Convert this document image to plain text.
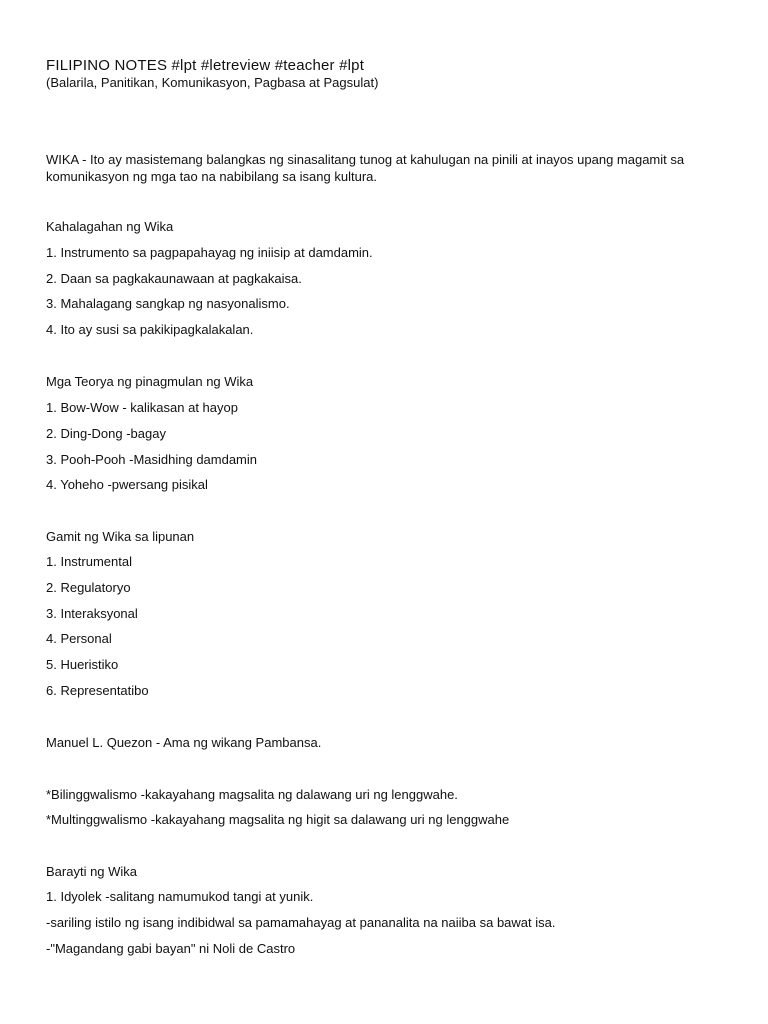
FILIPINO NOTES #lpt #letreview #teacher #lpt
(Balarila, Panitikan, Komunikasyon, Pagbasa at Pagsulat)
WIKA - Ito ay masistemang balangkas ng sinasalitang tunog at kahulugan na pinili at inayos upang magamit sa komunikasyon ng mga tao na nabibilang sa isang kultura.
Kahalagahan ng Wika
1. Instrumento sa pagpapahayag ng iniisip at damdamin.
2. Daan sa pagkakaunawaan at pagkakaisa.
3. Mahalagang sangkap ng nasyonalismo.
4. Ito ay susi sa pakikipagkalakalan.
Mga Teorya ng pinagmulan ng Wika
1. Bow-Wow - kalikasan at hayop
2. Ding-Dong -bagay
3. Pooh-Pooh -Masidhing damdamin
4. Yoheho -pwersang pisikal
Gamit ng Wika sa lipunan
1. Instrumental
2. Regulatoryo
3. Interaksyonal
4. Personal
5. Hueristiko
6. Representatibo
Manuel L. Quezon - Ama ng wikang Pambansa.
*Bilinggwalismo -kakayahang magsalita ng dalawang uri ng lenggwahe.
*Multinggwalismo -kakayahang magsalita ng higit sa dalawang uri ng lenggwahe
Barayti ng Wika
1. Idyolek -salitang namumukod tangi at yunik.
-sariling istilo ng isang indibidwal sa pamamahayag at pananalita na naiiba sa bawat isa.
-"Magandang gabi bayan" ni Noli de Castro
